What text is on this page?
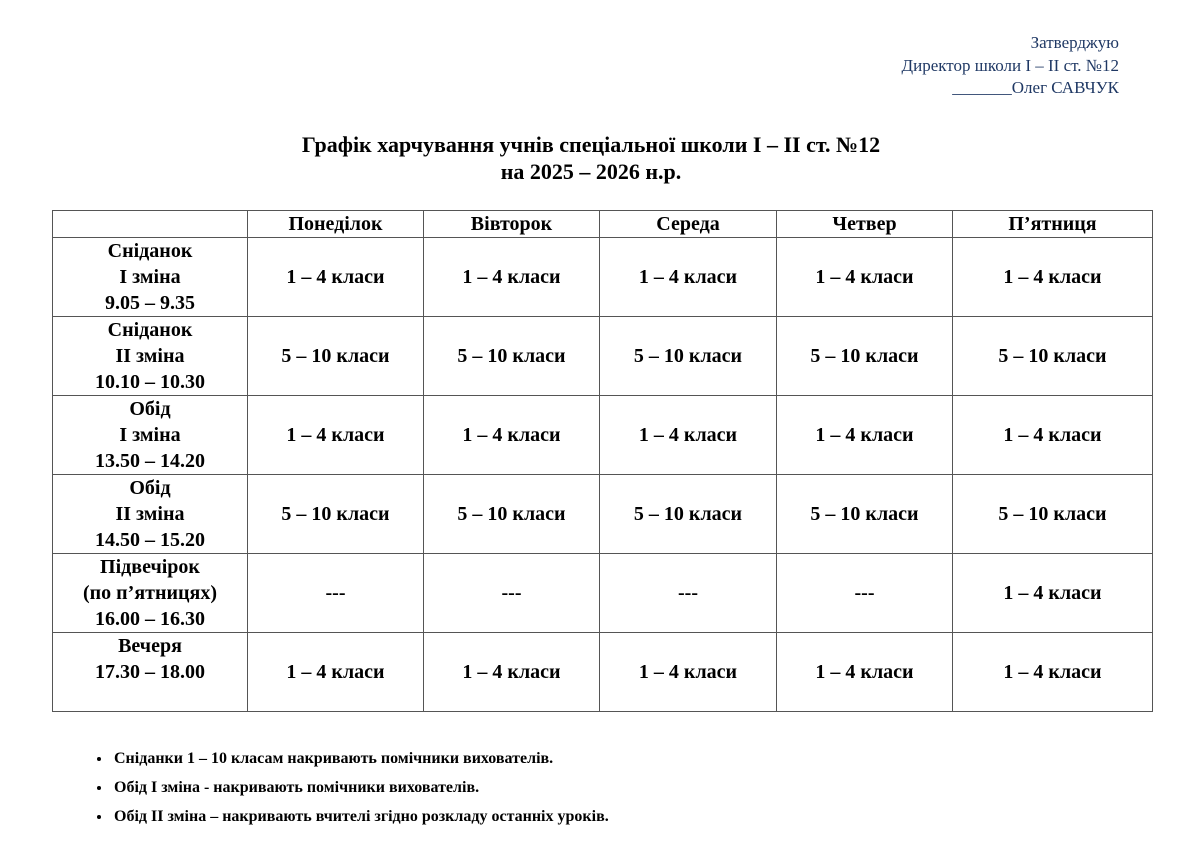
Затверджую
Директор школи І – ІІ ст. №12
_______Олег САВЧУК
Графік харчування учнів спеціальної школи І – ІІ ст. №12
на 2025 – 2026 н.р.
	Понеділок	Вівторок	Середа	Четвер	П’ятниця

Сніданок
І зміна
9.05 – 9.35	1 – 4 класи	1 – 4 класи	1 – 4 класи	1 – 4 класи	1 – 4 класи

Сніданок
ІІ зміна
10.10 – 10.30	5 – 10 класи	5 – 10 класи	5 – 10 класи	5 – 10 класи	5 – 10 класи

Обід
І зміна
13.50 – 14.20	1 – 4 класи	1 – 4 класи	1 – 4 класи	1 – 4 класи	1 – 4 класи

Обід
ІІ зміна
14.50 – 15.20	5 – 10 класи	5 – 10 класи	5 – 10 класи	5 – 10 класи	5 – 10 класи

Підвечірок
(по п’ятницях)
16.00 – 16.30	---	---	---	---	1 – 4 класи

Вечеря
17.30 – 18.00	1 – 4 класи	1 – 4 класи	1 – 4 класи	1 – 4 класи	1 – 4 класи
• Сніданки 1 – 10 класам накривають помічники вихователів.
• Обід І зміна - накривають помічники вихователів.
• Обід ІІ зміна – накривають вчителі згідно розкладу останніх уроків.
